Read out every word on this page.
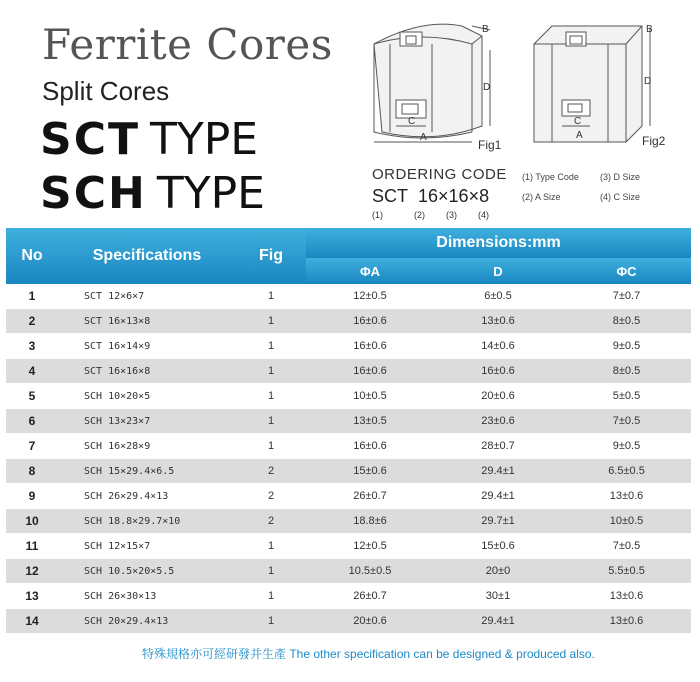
Ferrite Cores
Split Cores
SCT TYPE
SCH TYPE
A
C
D
B
Fig1
A
C
D
B
Fig2
ORDERING CODE
SCT 16×16×8
(1)	(2) (3) (4)
(1) Type Code (3) D Size
(2) A Size	(4) C Size
No	Specifications	Fig	Dimensions:mm		
			ΦA	D	ΦC
1	SCT 12×6×7	1	12±0.5	6±0.5	7±0.7
2	SCT 16×13×8	1	16±0.6	13±0.6	8±0.5
3	SCT 16×14×9	1	16±0.6	14±0.6	9±0.5
4	SCT 16×16×8	1	16±0.6	16±0.6	8±0.5
5	SCH 10×20×5	1	10±0.5	20±0.6	5±0.5
6	SCH 13×23×7	1	13±0.5	23±0.6	7±0.5
7	SCH 16×28×9	1	16±0.6	28±0.7	9±0.5
8	SCH 15×29.4×6.5	2	15±0.6	29.4±1	6.5±0.5
9	SCH 26×29.4×13	2	26±0.7	29.4±1	13±0.6
10	SCH 18.8×29.7×10	2	18.8±6	29.7±1	10±0.5
11	SCH 12×15×7	1	12±0.5	15±0.6	7±0.5
12	SCH 10.5×20×5.5	1	10.5±0.5	20±0	5.5±0.5
13	SCH 26×30×13	1	26±0.7	30±1	13±0.6
14	SCH 20×29.4×13	1	20±0.6	29.4±1	13±0.6
特殊規格亦可經研發并生產 The other specification can be designed & produced also.
